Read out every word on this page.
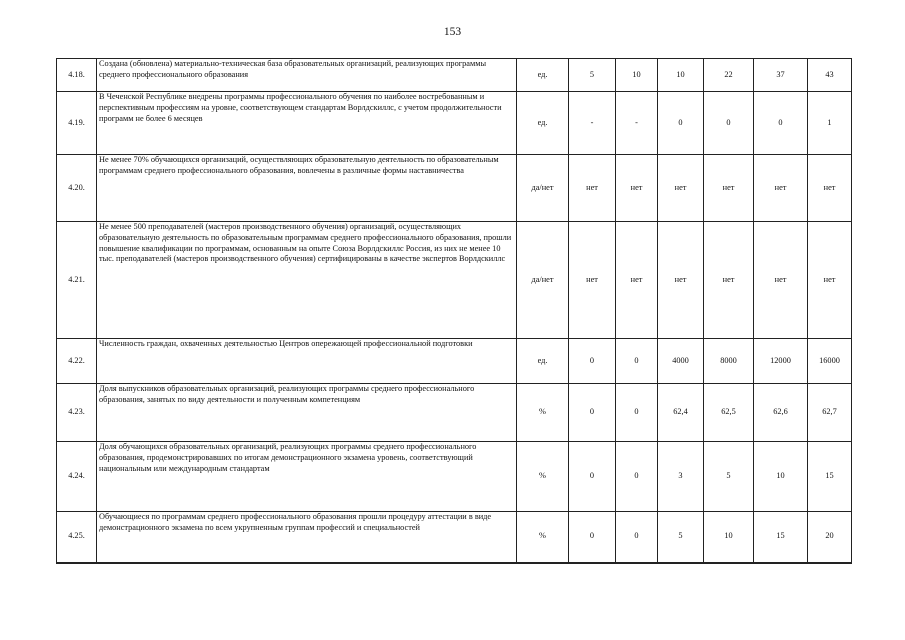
153
4.18.	Создана (обновлена) материально-техническая база образовательных организаций, реализующих программы среднего профессионального образования	ед.	5	10	10	22	37	43
4.19.	В Чеченской Республике внедрены программы профессионального обучения по наиболее востребованным и перспективным профессиям на уровне, соответствующем стандартам Ворлдскиллс, с учетом продолжительности программ не более 6 месяцев	ед.	-	-	0	0	0	1
4.20.	Не менее 70% обучающихся организаций, осуществляющих образовательную деятельность по образовательным программам среднего профессионального образования, вовлечены в различные формы наставничества	да/нет	нет	нет	нет	нет	нет	нет
4.21.	Не менее 500 преподавателей (мастеров производственного обучения) организаций, осуществляющих образовательную деятельность по образовательным программам среднего профессионального образования, прошли повышение квалификации по программам, основанным на опыте Союза Ворлдскиллс Россия, из них не менее 10 тыс. преподавателей (мастеров производственного обучения) сертифицированы в качестве экспертов Ворлдскиллс	да/нет	нет	нет	нет	нет	нет	нет
4.22.	Численность граждан, охваченных деятельностью Центров опережающей профессиональной подготовки	ед.	0	0	4000	8000	12000	16000
4.23.	Доля выпускников образовательных организаций, реализующих программы среднего профессионального образования, занятых по виду деятельности и полученным компетенциям	%	0	0	62,4	62,5	62,6	62,7
4.24.	Доля обучающихся образовательных организаций, реализующих программы среднего профессионального образования, продемонстрировавших по итогам демонстрационного экзамена уровень, соответствующий национальным или международным стандартам	%	0	0	3	5	10	15
4.25.	Обучающиеся по программам среднего профессионального образования прошли процедуру аттестации в виде демонстрационного экзамена по всем укрупненным группам профессий и специальностей	%	0	0	5	10	15	20
